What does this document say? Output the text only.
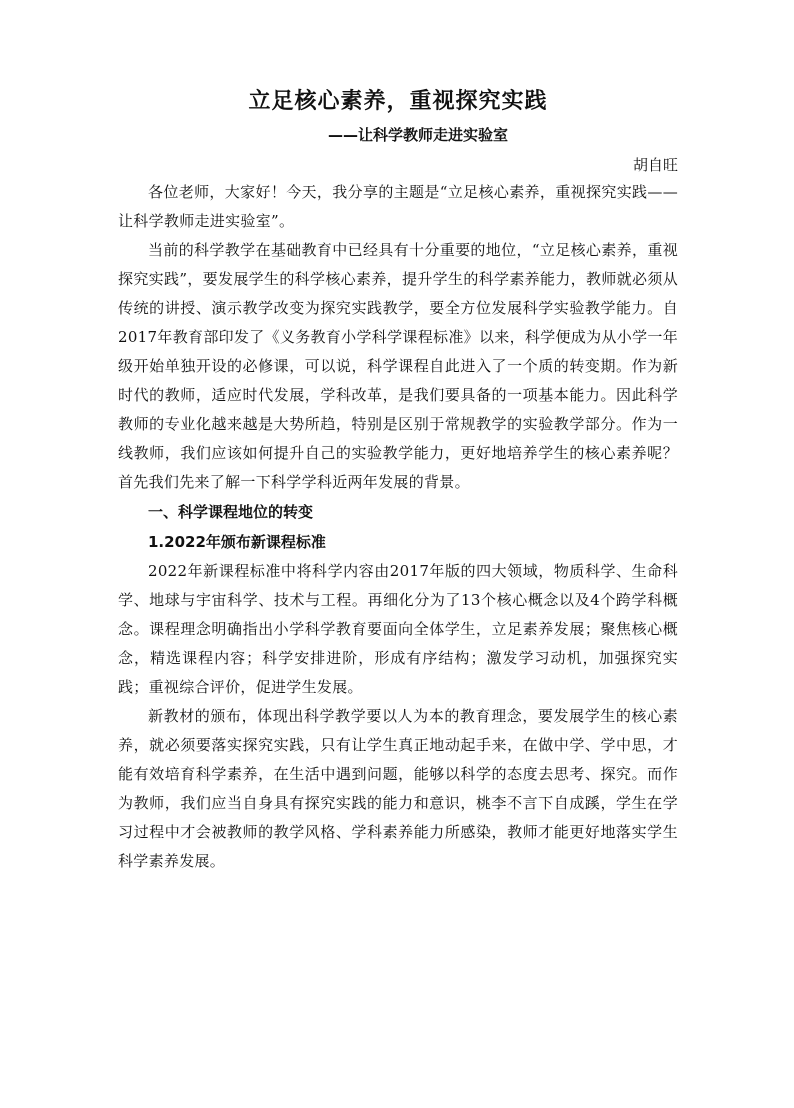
立足核心素养，重视探究实践
——让科学教师走进实验室
胡自旺

各位老师，大家好！今天，我分享的主题是“立足核心素养，重视探究实践——让科学教师走进实验室”。

当前的科学教学在基础教育中已经具有十分重要的地位，“立足核心素养，重视探究实践”，要发展学生的科学核心素养，提升学生的科学素养能力，教师就必须从传统的讲授、演示教学改变为探究实践教学，要全方位发展科学实验教学能力。自2017年教育部印发了《义务教育小学科学课程标准》以来，科学便成为从小学一年级开始单独开设的必修课，可以说，科学课程自此进入了一个质的转变期。作为新时代的教师，适应时代发展，学科改革，是我们要具备的一项基本能力。因此科学教师的专业化越来越是大势所趋，特别是区别于常规教学的实验教学部分。作为一线教师，我们应该如何提升自己的实验教学能力，更好地培养学生的核心素养呢？首先我们先来了解一下科学学科近两年发展的背景。

一、科学课程地位的转变
1.2022年颁布新课程标准

2022年新课程标准中将科学内容由2017年版的四大领域，物质科学、生命科学、地球与宇宙科学、技术与工程。再细化分为了13个核心概念以及4个跨学科概念。课程理念明确指出小学科学教育要面向全体学生，立足素养发展；聚焦核心概念，精选课程内容；科学安排进阶，形成有序结构；激发学习动机，加强探究实践；重视综合评价，促进学生发展。

新教材的颁布，体现出科学教学要以人为本的教育理念，要发展学生的核心素养，就必须要落实探究实践，只有让学生真正地动起手来，在做中学、学中思，才能有效培育科学素养，在生活中遇到问题，能够以科学的态度去思考、探究。而作为教师，我们应当自身具有探究实践的能力和意识，桃李不言下自成蹊，学生在学习过程中才会被教师的教学风格、学科素养能力所感染，教师才能更好地落实学生科学素养发展。
